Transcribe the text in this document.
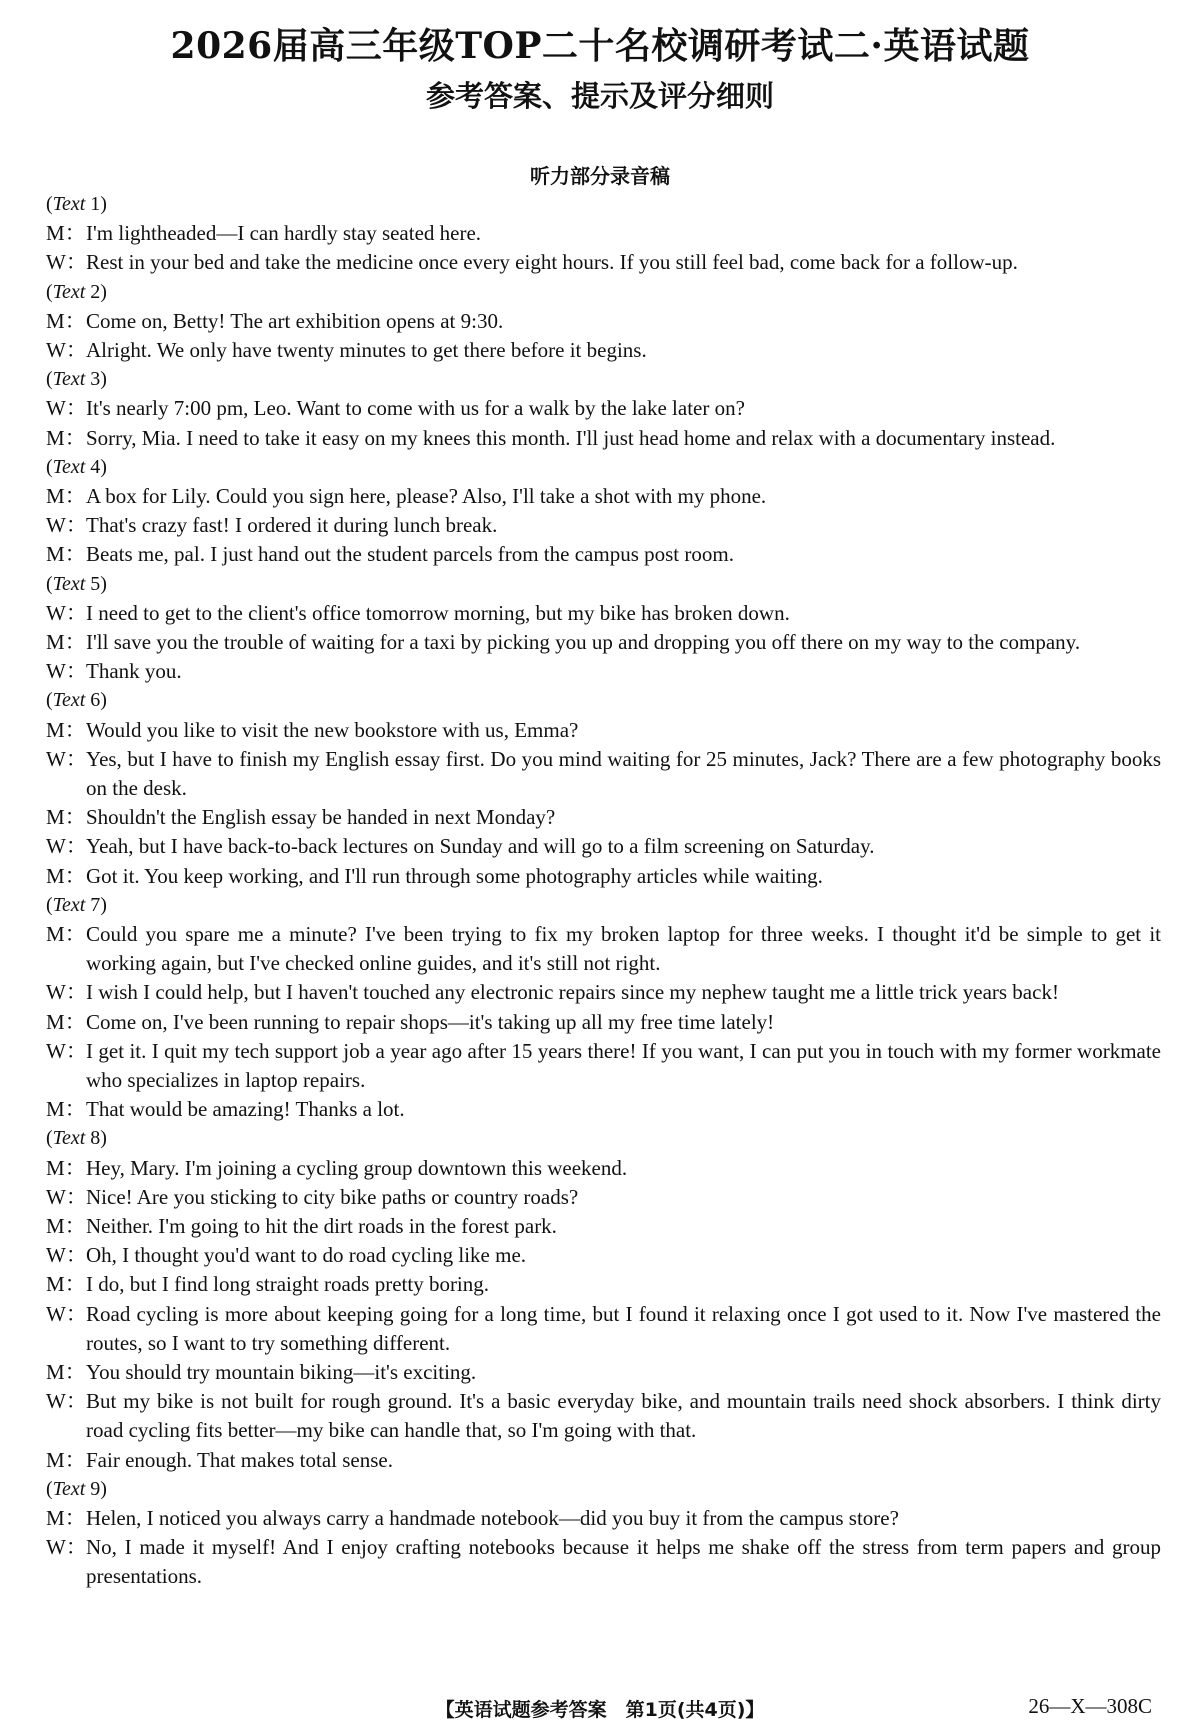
2026届高三年级TOP二十名校调研考试二·英语试题
参考答案、提示及评分细则
听力部分录音稿
(Text 1)
M： I'm lightheaded—I can hardly stay seated here.
W： Rest in your bed and take the medicine once every eight hours. If you still feel bad, come back for a follow-up.
(Text 2)
M： Come on, Betty! The art exhibition opens at 9:30.
W： Alright. We only have twenty minutes to get there before it begins.
(Text 3)
W： It's nearly 7:00 pm, Leo. Want to come with us for a walk by the lake later on?
M： Sorry, Mia. I need to take it easy on my knees this month. I'll just head home and relax with a documentary instead.
(Text 4)
M： A box for Lily. Could you sign here, please? Also, I'll take a shot with my phone.
W： That's crazy fast! I ordered it during lunch break.
M： Beats me, pal. I just hand out the student parcels from the campus post room.
(Text 5)
W： I need to get to the client's office tomorrow morning, but my bike has broken down.
M： I'll save you the trouble of waiting for a taxi by picking you up and dropping you off there on my way to the company.
W： Thank you.
(Text 6)
M： Would you like to visit the new bookstore with us, Emma?
W： Yes, but I have to finish my English essay first. Do you mind waiting for 25 minutes, Jack? There are a few photography books on the desk.
M： Shouldn't the English essay be handed in next Monday?
W： Yeah, but I have back-to-back lectures on Sunday and will go to a film screening on Saturday.
M： Got it. You keep working, and I'll run through some photography articles while waiting.
(Text 7)
M： Could you spare me a minute? I've been trying to fix my broken laptop for three weeks. I thought it'd be simple to get it working again, but I've checked online guides, and it's still not right.
W： I wish I could help, but I haven't touched any electronic repairs since my nephew taught me a little trick years back!
M： Come on, I've been running to repair shops—it's taking up all my free time lately!
W： I get it. I quit my tech support job a year ago after 15 years there! If you want, I can put you in touch with my former workmate who specializes in laptop repairs.
M： That would be amazing! Thanks a lot.
(Text 8)
M： Hey, Mary. I'm joining a cycling group downtown this weekend.
W： Nice! Are you sticking to city bike paths or country roads?
M： Neither. I'm going to hit the dirt roads in the forest park.
W： Oh, I thought you'd want to do road cycling like me.
M： I do, but I find long straight roads pretty boring.
W： Road cycling is more about keeping going for a long time, but I found it relaxing once I got used to it. Now I've mastered the routes, so I want to try something different.
M： You should try mountain biking—it's exciting.
W： But my bike is not built for rough ground. It's a basic everyday bike, and mountain trails need shock absorbers. I think dirty road cycling fits better—my bike can handle that, so I'm going with that.
M： Fair enough. That makes total sense.
(Text 9)
M： Helen, I noticed you always carry a handmade notebook—did you buy it from the campus store?
W： No, I made it myself! And I enjoy crafting notebooks because it helps me shake off the stress from term papers and group presentations.
【英语试题参考答案　第1页(共4页)】	26—X—308C
